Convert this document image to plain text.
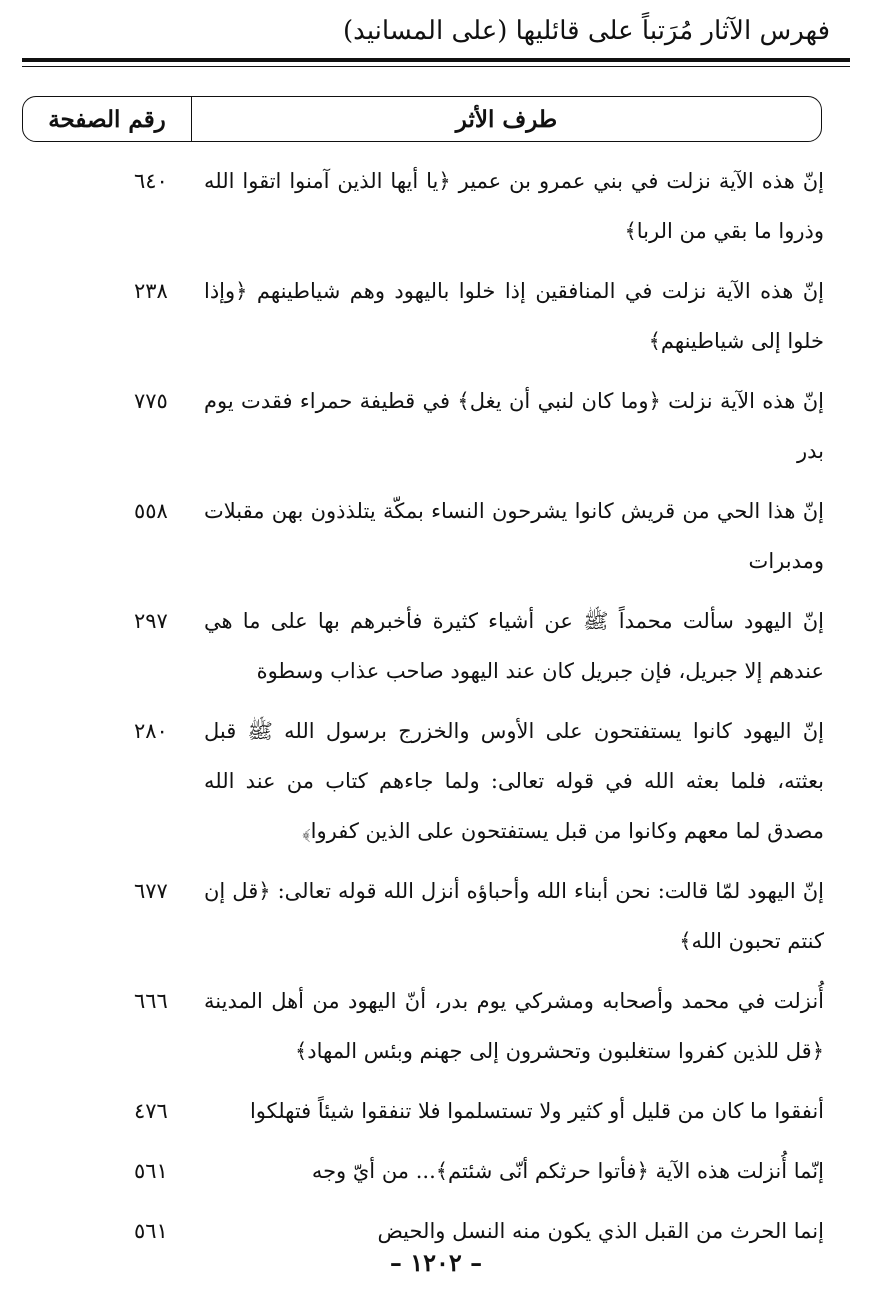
فهرس الآثار مُرَتباً على قائليها (على المسانيد)
طرف الأثر
رقم الصفحة
إنّ هذه الآية نزلت في بني عمرو بن عمير ﴿يا أيها الذين آمنوا اتقوا الله وذروا ما بقي من الربا﴾
٦٤٠
إنّ هذه الآية نزلت في المنافقين إذا خلوا باليهود وهم شياطينهم ﴿وإذا خلوا إلى شياطينهم﴾
٢٣٨
إنّ هذه الآية نزلت ﴿وما كان لنبي أن يغل﴾ في قطيفة حمراء فقدت يوم بدر
٧٧٥
إنّ هذا الحي من قريش كانوا يشرحون النساء بمكّة يتلذذون بهن مقبلات ومدبرات
٥٥٨
إنّ اليهود سألت محمداً ﷺ عن أشياء كثيرة فأخبرهم بها على ما هي عندهم إلا جبريل، فإن جبريل كان عند اليهود صاحب عذاب وسطوة
٢٩٧
إنّ اليهود كانوا يستفتحون على الأوس والخزرج برسول الله ﷺ قبل بعثته، فلما بعثه الله في قوله تعالى: ولما جاءهم كتاب من عند الله مصدق لما معهم وكانوا من قبل يستفتحون على الذين كفروا﴾
٢٨٠
إنّ اليهود لمّا قالت: نحن أبناء الله وأحباؤه أنزل الله قوله تعالى: ﴿قل إن كنتم تحبون الله﴾
٦٧٧
أُنزلت في محمد وأصحابه ومشركي يوم بدر، أنّ اليهود من أهل المدينة ﴿قل للذين كفروا ستغلبون وتحشرون إلى جهنم وبئس المهاد﴾
٦٦٦
أنفقوا ما كان من قليل أو كثير ولا تستسلموا فلا تنفقوا شيئاً فتهلكوا
٤٧٦
إنّما أُنزلت هذه الآية ﴿فأتوا حرثكم أنّى شئتم﴾... من أيّ وجه
٥٦١
إنما الحرث من القبل الذي يكون منه النسل والحيض
٥٦١
– ١٢٠٢ –
